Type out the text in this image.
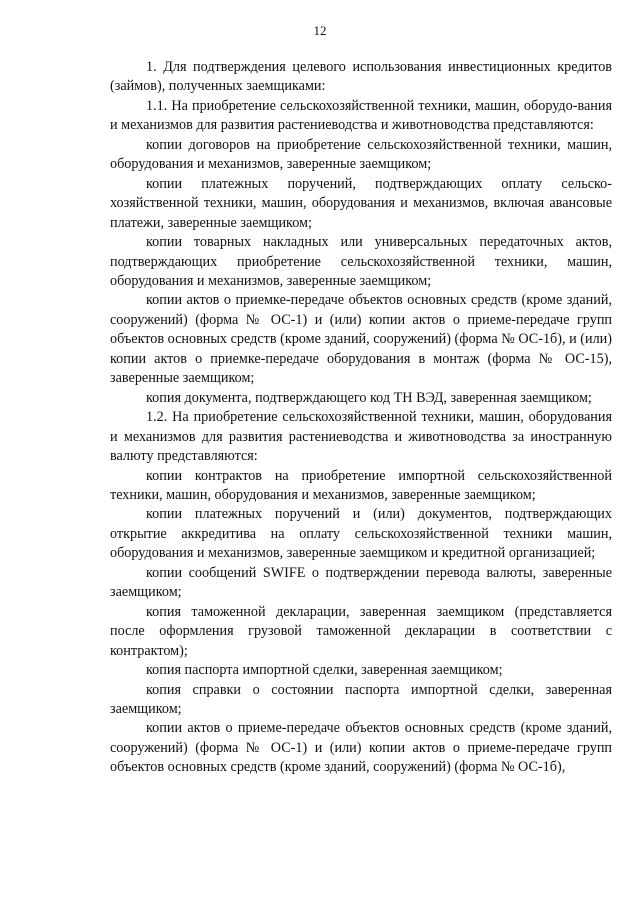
12

1. Для подтверждения целевого использования инвестиционных кредитов (займов), полученных заемщиками:

1.1. На приобретение сельскохозяйственной техники, машин, оборудо-вания и механизмов для развития растениеводства и животноводства представляются:

копии договоров на приобретение сельскохозяйственной техники, машин, оборудования и механизмов, заверенные заемщиком;

копии платежных поручений, подтверждающих оплату сельско-хозяйственной техники, машин, оборудования и механизмов, включая авансовые платежи, заверенные заемщиком;

копии товарных накладных или универсальных передаточных актов, подтверждающих приобретение сельскохозяйственной техники, машин, оборудования и механизмов, заверенные заемщиком;

копии актов о приемке-передаче объектов основных средств (кроме зданий, сооружений) (форма № ОС-1) и (или) копии актов о приеме-передаче групп объектов основных средств (кроме зданий, сооружений) (форма № ОС-1б), и (или) копии актов о приемке-передаче оборудования в монтаж (форма № ОС-15), заверенные заемщиком;

копия документа, подтверждающего код ТН ВЭД, заверенная заемщиком;

1.2. На приобретение сельскохозяйственной техники, машин, оборудования и механизмов для развития растениеводства и животноводства за иностранную валюту представляются:

копии контрактов на приобретение импортной сельскохозяйственной техники, машин, оборудования и механизмов, заверенные заемщиком;

копии платежных поручений и (или) документов, подтверждающих открытие аккредитива на оплату сельскохозяйственной техники машин, оборудования и механизмов, заверенные заемщиком и кредитной организацией;

копии сообщений SWIFE о подтверждении перевода валюты, заверенные заемщиком;

копия таможенной декларации, заверенная заемщиком (представляется после оформления грузовой таможенной декларации в соответствии с контрактом);

копия паспорта импортной сделки, заверенная заемщиком;

копия справки о состоянии паспорта импортной сделки, заверенная заемщиком;

копии актов о приеме-передаче объектов основных средств (кроме зданий, сооружений) (форма № ОС-1) и (или) копии актов о приеме-передаче групп объектов основных средств (кроме зданий, сооружений) (форма № ОС-1б),
